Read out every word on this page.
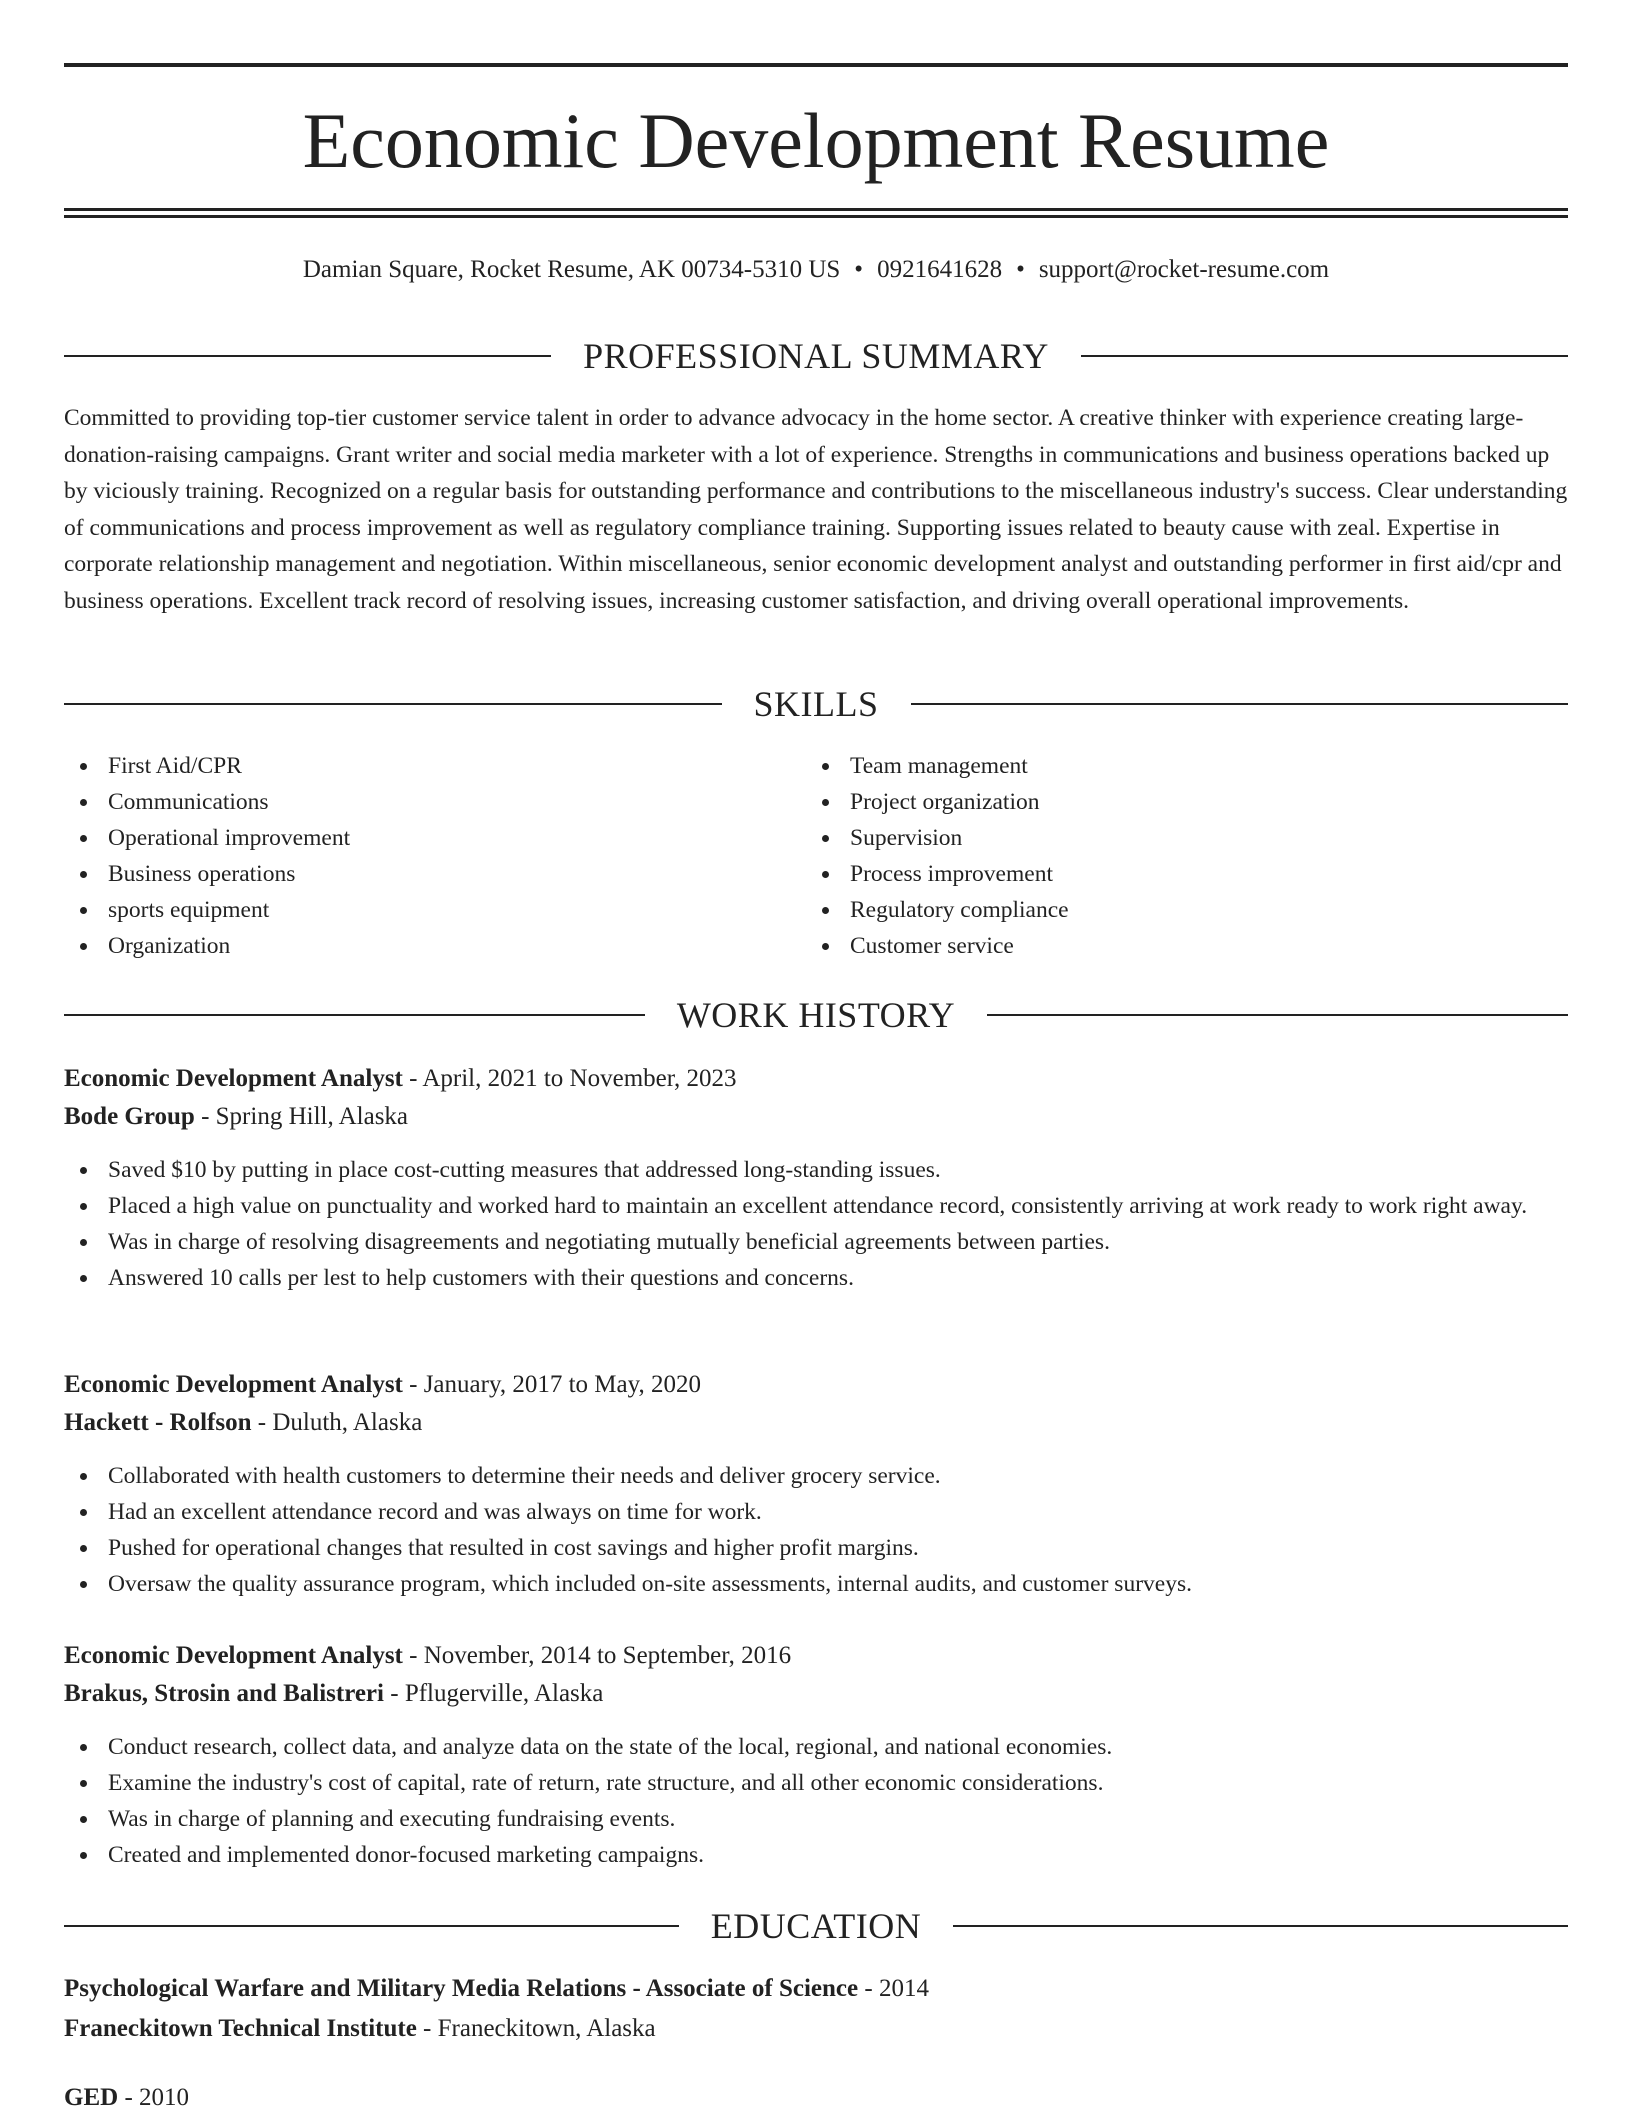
Economic Development Resume
Damian Square, Rocket Resume, AK 00734-5310 US • 0921641628 • support@rocket-resume.com
PROFESSIONAL SUMMARY

Committed to providing top-tier customer service talent in order to advance advocacy in the home sector. A creative thinker with experience creating large-donation-raising campaigns. Grant writer and social media marketer with a lot of experience. Strengths in communications and business operations backed up by viciously training. Recognized on a regular basis for outstanding performance and contributions to the miscellaneous industry's success. Clear understanding of communications and process improvement as well as regulatory compliance training. Supporting issues related to beauty cause with zeal. Expertise in corporate relationship management and negotiation. Within miscellaneous, senior economic development analyst and outstanding performer in first aid/cpr and business operations. Excellent track record of resolving issues, increasing customer satisfaction, and driving overall operational improvements.

SKILLS
First Aid/CPR
Communications
Operational improvement
Business operations
sports equipment
Organization
Team management
Project organization
Supervision
Process improvement
Regulatory compliance
Customer service
WORK HISTORY
Economic Development Analyst - April, 2021 to November, 2023
Bode Group - Spring Hill, Alaska
Saved $10 by putting in place cost-cutting measures that addressed long-standing issues.
Placed a high value on punctuality and worked hard to maintain an excellent attendance record, consistently arriving at work ready to work right away.
Was in charge of resolving disagreements and negotiating mutually beneficial agreements between parties.
Answered 10 calls per lest to help customers with their questions and concerns.
Economic Development Analyst - January, 2017 to May, 2020
Hackett - Rolfson - Duluth, Alaska
Collaborated with health customers to determine their needs and deliver grocery service.
Had an excellent attendance record and was always on time for work.
Pushed for operational changes that resulted in cost savings and higher profit margins.
Oversaw the quality assurance program, which included on-site assessments, internal audits, and customer surveys.
Economic Development Analyst - November, 2014 to September, 2016
Brakus, Strosin and Balistreri - Pflugerville, Alaska
Conduct research, collect data, and analyze data on the state of the local, regional, and national economies.
Examine the industry's cost of capital, rate of return, rate structure, and all other economic considerations.
Was in charge of planning and executing fundraising events.
Created and implemented donor-focused marketing campaigns.
EDUCATION
Psychological Warfare and Military Media Relations - Associate of Science - 2014
Franeckitown Technical Institute - Franeckitown, Alaska
GED - 2010
